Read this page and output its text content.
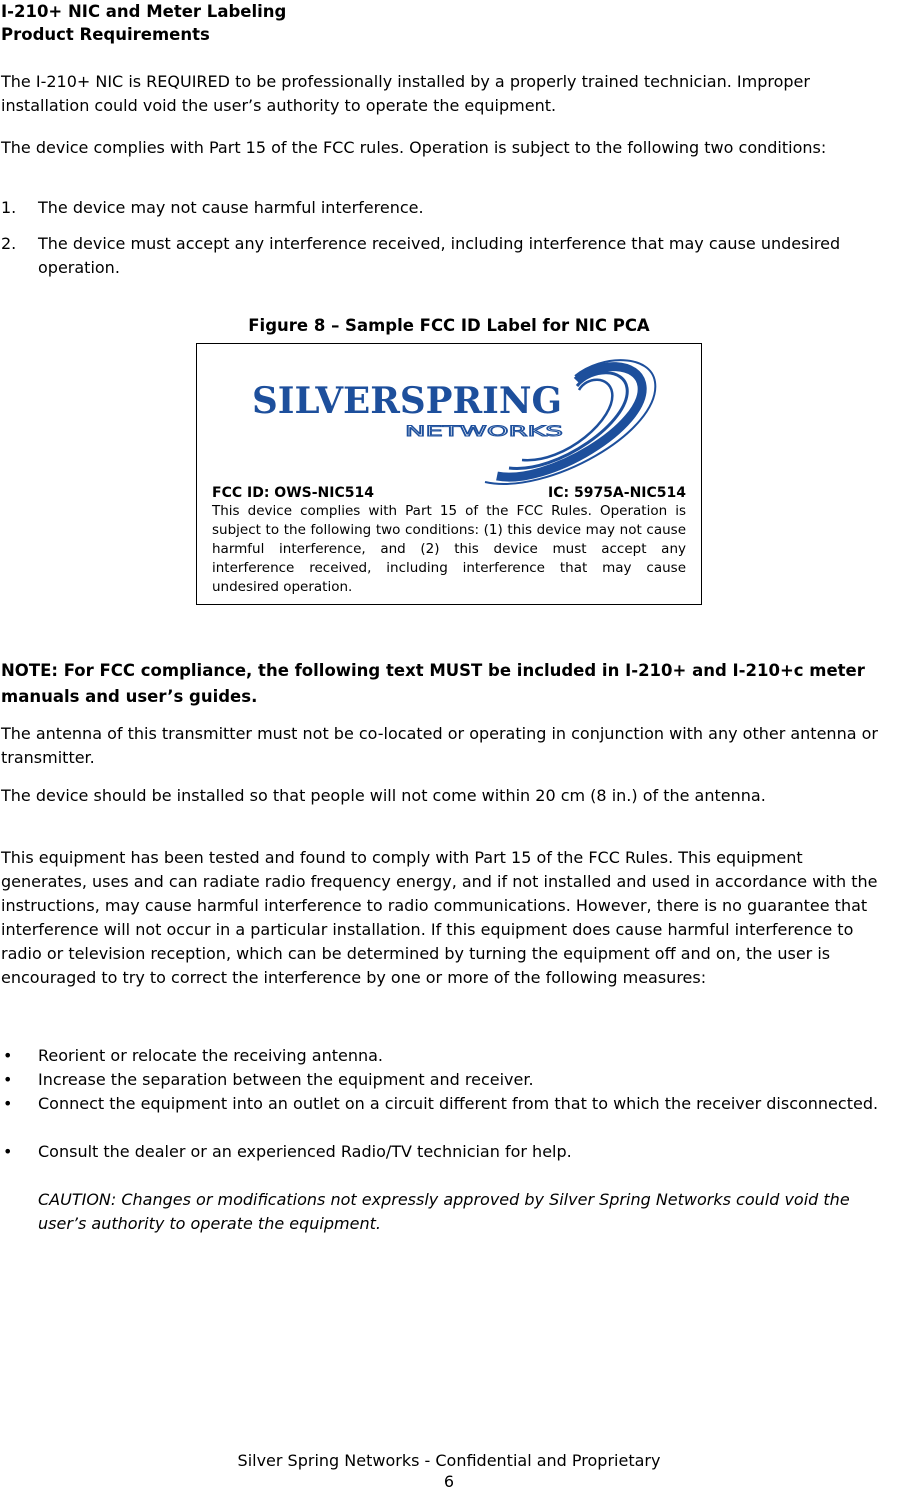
I-210+ NIC and Meter Labeling
Product Requirements
The I-210+ NIC is REQUIRED to be professionally installed by a properly trained technician. Improper installation could void the user’s authority to operate the equipment.
The device complies with Part 15 of the FCC rules. Operation is subject to the following two conditions:
1. The device may not cause harmful interference.
2. The device must accept any interference received, including interference that may cause undesired operation.
Figure 8 – Sample FCC ID Label for NIC PCA
SILVERSPRING
NETWORKS
FCC ID: OWS-NIC514	IC: 5975A-NIC514
This device complies with Part 15 of the FCC Rules. Operation is subject to the following two conditions: (1) this device may not cause harmful interference, and (2) this device must accept any interference received, including interference that may cause undesired operation.
NOTE: For FCC compliance, the following text MUST be included in I-210+ and I-210+c meter manuals and user’s guides.
The antenna of this transmitter must not be co-located or operating in conjunction with any other antenna or transmitter.
The device should be installed so that people will not come within 20 cm (8 in.) of the antenna.
This equipment has been tested and found to comply with Part 15 of the FCC Rules. This equipment generates, uses and can radiate radio frequency energy, and if not installed and used in accordance with the instructions, may cause harmful interference to radio communications. However, there is no guarantee that interference will not occur in a particular installation. If this equipment does cause harmful interference to radio or television reception, which can be determined by turning the equipment off and on, the user is encouraged to try to correct the interference by one or more of the following measures:
• Reorient or relocate the receiving antenna.
• Increase the separation between the equipment and receiver.
• Connect the equipment into an outlet on a circuit different from that to which the receiver disconnected.
• Consult the dealer or an experienced Radio/TV technician for help.
CAUTION: Changes or modifications not expressly approved by Silver Spring Networks could void the user’s authority to operate the equipment.
Silver Spring Networks - Confidential and Proprietary
6
